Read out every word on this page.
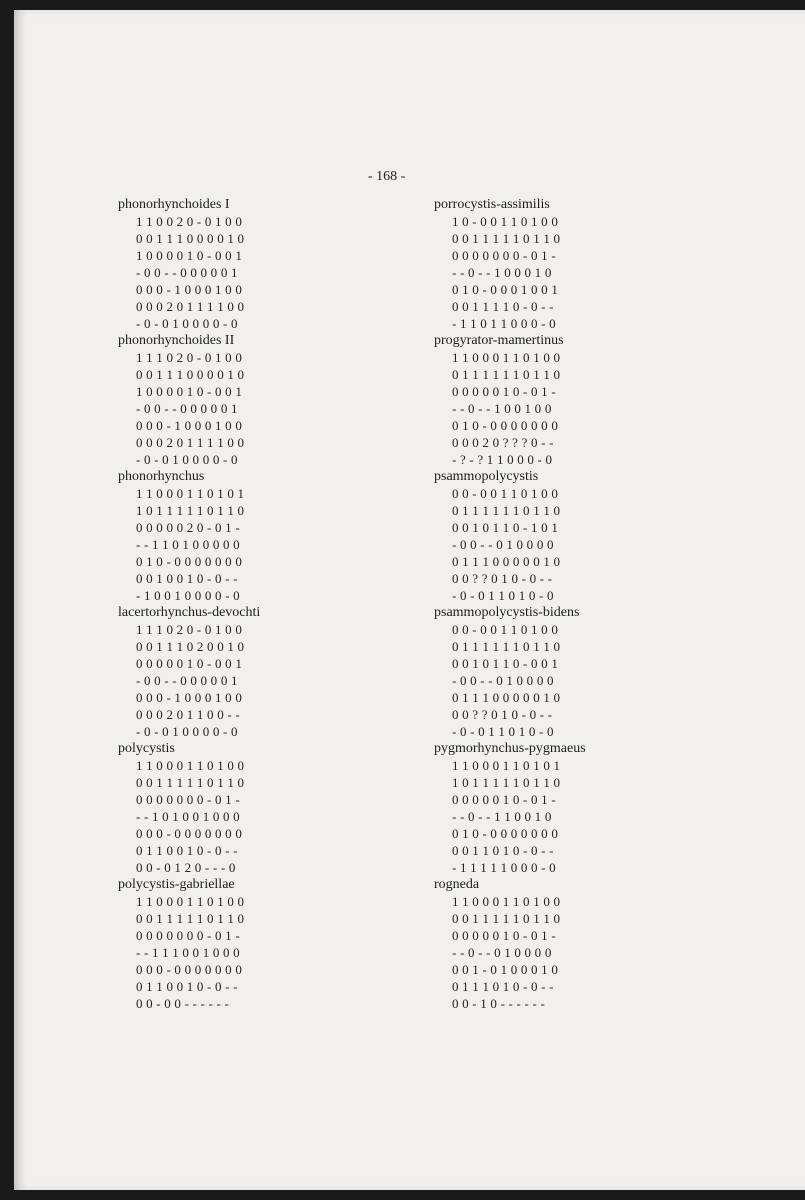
- 168 -
phonorhynchoides I
1 1 0 0 2 0 - 0 1 0 0
0 0 1 1 1 0 0 0 0 1 0
1 0 0 0 0 1 0 - 0 0 1
- 0 0 - - 0 0 0 0 0 1
0 0 0 - 1 0 0 0 1 0 0
0 0 0 2 0 1 1 1 1 0 0
- 0 - 0 1 0 0 0 0 - 0
phonorhynchoides II
1 1 1 0 2 0 - 0 1 0 0
0 0 1 1 1 0 0 0 0 1 0
1 0 0 0 0 1 0 - 0 0 1
- 0 0 - - 0 0 0 0 0 1
0 0 0 - 1 0 0 0 1 0 0
0 0 0 2 0 1 1 1 1 0 0
- 0 - 0 1 0 0 0 0 - 0
phonorhynchus
1 1 0 0 0 1 1 0 1 0 1
1 0 1 1 1 1 1 0 1 1 0
0 0 0 0 0 2 0 - 0 1 -
- - 1 1 0 1 0 0 0 0 0
0 1 0 - 0 0 0 0 0 0 0
0 0 1 0 0 1 0 - 0 - -
- 1 0 0 1 0 0 0 0 - 0
lacertorhynchus-devochti
1 1 1 0 2 0 - 0 1 0 0
0 0 1 1 1 0 2 0 0 1 0
0 0 0 0 0 1 0 - 0 0 1
- 0 0 - - 0 0 0 0 0 1
0 0 0 - 1 0 0 0 1 0 0
0 0 0 2 0 1 1 0 0 - -
- 0 - 0 1 0 0 0 0 - 0
polycystis
1 1 0 0 0 1 1 0 1 0 0
0 0 1 1 1 1 1 0 1 1 0
0 0 0 0 0 0 0 - 0 1 -
- - 1 0 1 0 0 1 0 0 0
0 0 0 - 0 0 0 0 0 0 0
0 1 1 0 0 1 0 - 0 - -
0 0 - 0 1 2 0 - - - 0
polycystis-gabriellae
1 1 0 0 0 1 1 0 1 0 0
0 0 1 1 1 1 1 0 1 1 0
0 0 0 0 0 0 0 - 0 1 -
- - 1 1 1 0 0 1 0 0 0
0 0 0 - 0 0 0 0 0 0 0
0 1 1 0 0 1 0 - 0 - -
0 0 - 0 0 - - - - - -
porrocystis-assimilis
1 0 - 0 0 1 1 0 1 0 0
0 0 1 1 1 1 1 0 1 1 0
0 0 0 0 0 0 0 - 0 1 -
- - 0 - - 1 0 0 0 1 0
0 1 0 - 0 0 0 1 0 0 1
0 0 1 1 1 1 0 - 0 - -
- 1 1 0 1 1 0 0 0 - 0
progyrator-mamertinus
1 1 0 0 0 1 1 0 1 0 0
0 1 1 1 1 1 1 0 1 1 0
0 0 0 0 0 1 0 - 0 1 -
- - 0 - - 1 0 0 1 0 0
0 1 0 - 0 0 0 0 0 0 0
0 0 0 2 0 ? ? ? 0 - -
- ? - ? 1 1 0 0 0 - 0
psammopolycystis
0 0 - 0 0 1 1 0 1 0 0
0 1 1 1 1 1 1 0 1 1 0
0 0 1 0 1 1 0 - 1 0 1
- 0 0 - - 0 1 0 0 0 0
0 1 1 1 0 0 0 0 0 1 0
0 0 ? ? 0 1 0 - 0 - -
- 0 - 0 1 1 0 1 0 - 0
psammopolycystis-bidens
0 0 - 0 0 1 1 0 1 0 0
0 1 1 1 1 1 1 0 1 1 0
0 0 1 0 1 1 0 - 0 0 1
- 0 0 - - 0 1 0 0 0 0
0 1 1 1 0 0 0 0 0 1 0
0 0 ? ? 0 1 0 - 0 - -
- 0 - 0 1 1 0 1 0 - 0
pygmorhynchus-pygmaeus
1 1 0 0 0 1 1 0 1 0 1
1 0 1 1 1 1 1 0 1 1 0
0 0 0 0 0 1 0 - 0 1 -
- - 0 - - 1 1 0 0 1 0
0 1 0 - 0 0 0 0 0 0 0
0 0 1 1 0 1 0 - 0 - -
- 1 1 1 1 1 0 0 0 - 0
rogneda
1 1 0 0 0 1 1 0 1 0 0
0 0 1 1 1 1 1 0 1 1 0
0 0 0 0 0 1 0 - 0 1 -
- - 0 - - 0 1 0 0 0 0
0 0 1 - 0 1 0 0 0 1 0
0 1 1 1 0 1 0 - 0 - -
0 0 - 1 0 - - - - - -
